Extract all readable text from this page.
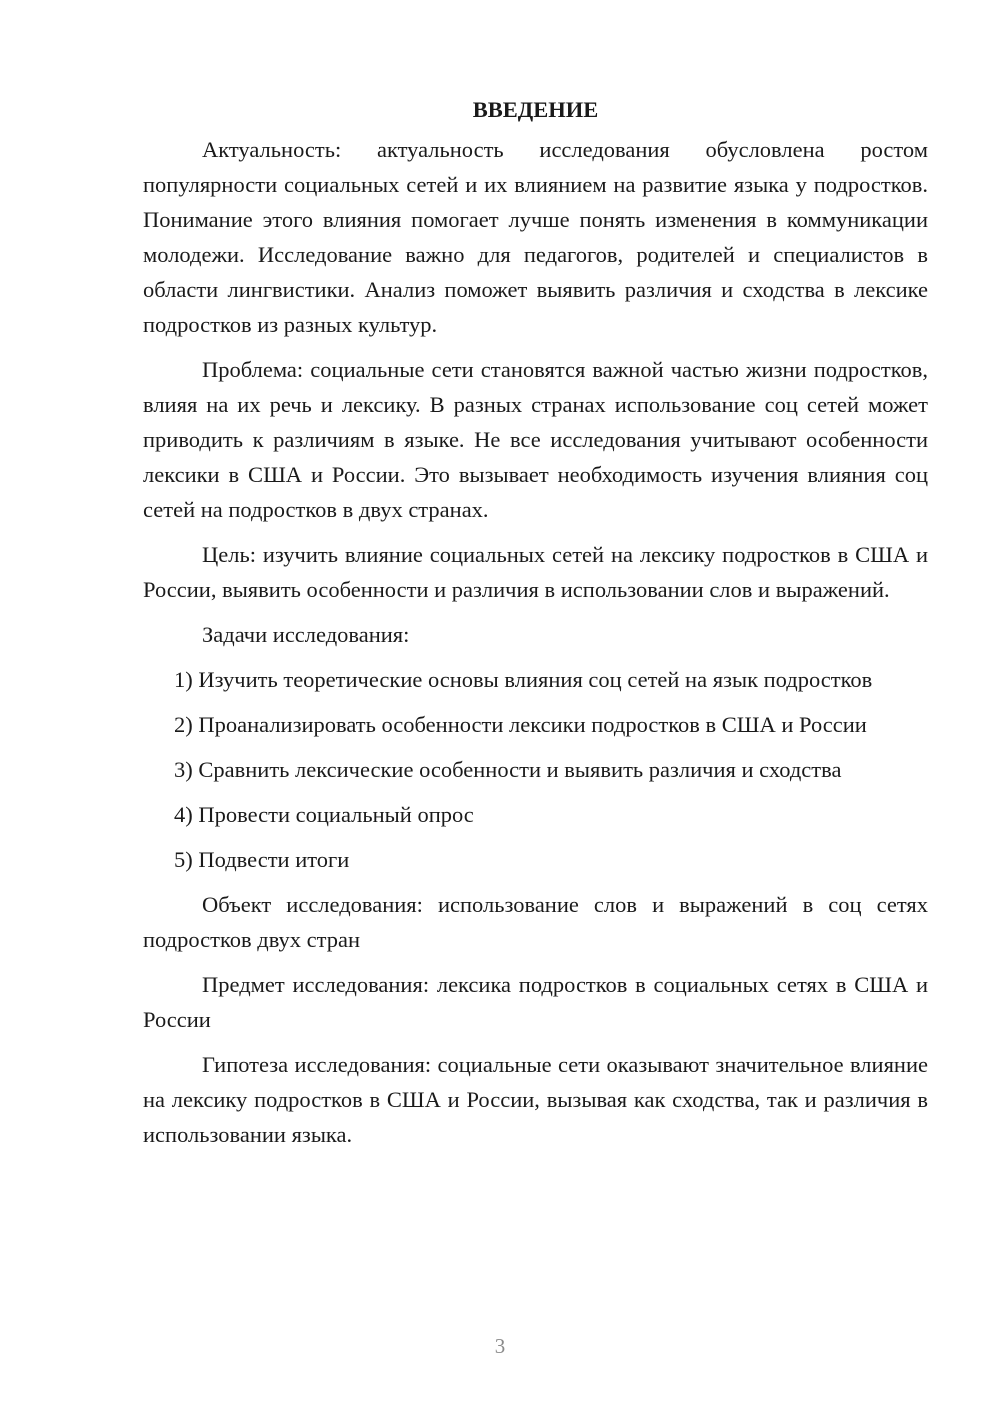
ВВЕДЕНИЕ

Актуальность: актуальность исследования обусловлена ростом популярности социальных сетей и их влиянием на развитие языка у подростков. Понимание этого влияния помогает лучше понять изменения в коммуникации молодежи. Исследование важно для педагогов, родителей и специалистов в области лингвистики. Анализ поможет выявить различия и сходства в лексике подростков из разных культур.

Проблема: социальные сети становятся важной частью жизни подростков, влияя на их речь и лексику. В разных странах использование соц сетей может приводить к различиям в языке. Не все исследования учитывают особенности лексики в США и России. Это вызывает необходимость изучения влияния соц сетей на подростков в двух странах.

Цель: изучить влияние социальных сетей на лексику подростков в США и России, выявить особенности и различия в использовании слов и выражений.

Задачи исследования:

1) Изучить теоретические основы влияния соц сетей на язык подростков

2) Проанализировать особенности лексики подростков в США и России

3) Сравнить лексические особенности и выявить различия и сходства

4) Провести социальный опрос

5) Подвести итоги

Объект исследования: использование слов и выражений в соц сетях подростков двух стран

Предмет исследования: лексика подростков в социальных сетях в США и России

Гипотеза исследования: социальные сети оказывают значительное влияние на лексику подростков в США и России, вызывая как сходства, так и различия в использовании языка.

3
